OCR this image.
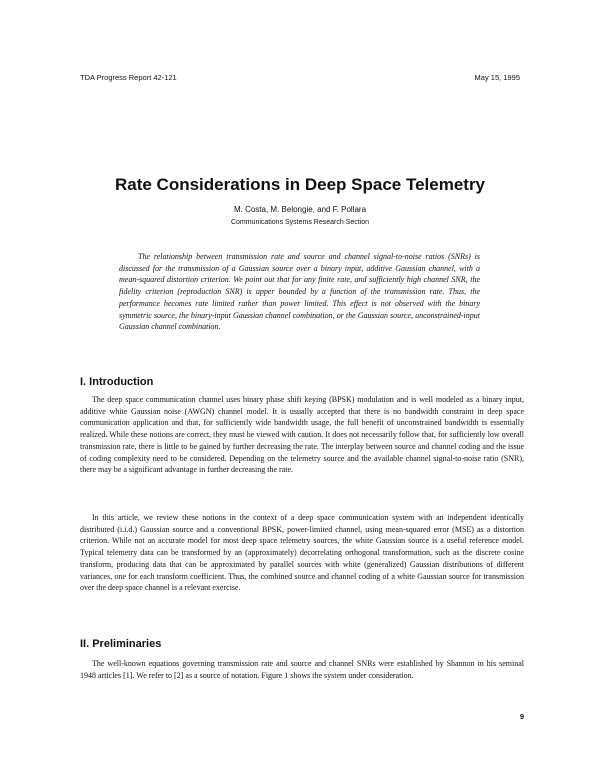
TDA Progress Report 42-121	May 15, 1995
Rate Considerations in Deep Space Telemetry
M. Costa, M. Belongie, and F. Pollara
Communications Systems Research Section

The relationship between transmission rate and source and channel signal-to-noise ratios (SNRs) is discussed for the transmission of a Gaussian source over a binary input, additive Gaussian channel, with a mean-squared distortion criterion. We point out that for any finite rate, and sufficiently high channel SNR, the fidelity criterion (reproduction SNR) is upper bounded by a function of the transmission rate. Thus, the performance becomes rate limited rather than power limited. This effect is not observed with the binary symmetric source, the binary-input Gaussian channel combination, or the Gaussian source, unconstrained-input Gaussian channel combination.

I. Introduction

The deep space communication channel uses binary phase shift keying (BPSK) modulation and is well modeled as a binary input, additive white Gaussian noise (AWGN) channel model. It is usually accepted that there is no bandwidth constraint in deep space communication application and that, for sufficiently wide bandwidth usage, the full benefit of unconstrained bandwidth is essentially realized. While these notions are correct, they must be viewed with caution. It does not necessarily follow that, for sufficiently low overall transmission rate, there is little to be gained by further decreasing the rate. The interplay between source and channel coding and the issue of coding complexity need to be considered. Depending on the telemetry source and the available channel signal-to-noise ratio (SNR), there may be a significant advantage in further decreasing the rate.

In this article, we review these notions in the context of a deep space communication system with an independent identically distributed (i.i.d.) Gaussian source and a conventional BPSK, power-limited channel, using mean-squared error (MSE) as a distortion criterion. While not an accurate model for most deep space telemetry sources, the white Gaussian source is a useful reference model. Typical telemetry data can be transformed by an (approximately) decorrelating orthogonal transformation, such as the discrete cosine transform, producing data that can be approximated by parallel sources with white (generalized) Gaussian distributions of different variances, one for each transform coefficient. Thus, the combined source and channel coding of a white Gaussian source for transmission over the deep space channel is a relevant exercise.

II. Preliminaries

The well-known equations governing transmission rate and source and channel SNRs were established by Shannon in his seminal 1948 articles [1]. We refer to [2] as a source of notation. Figure 1 shows the system under consideration.

9
